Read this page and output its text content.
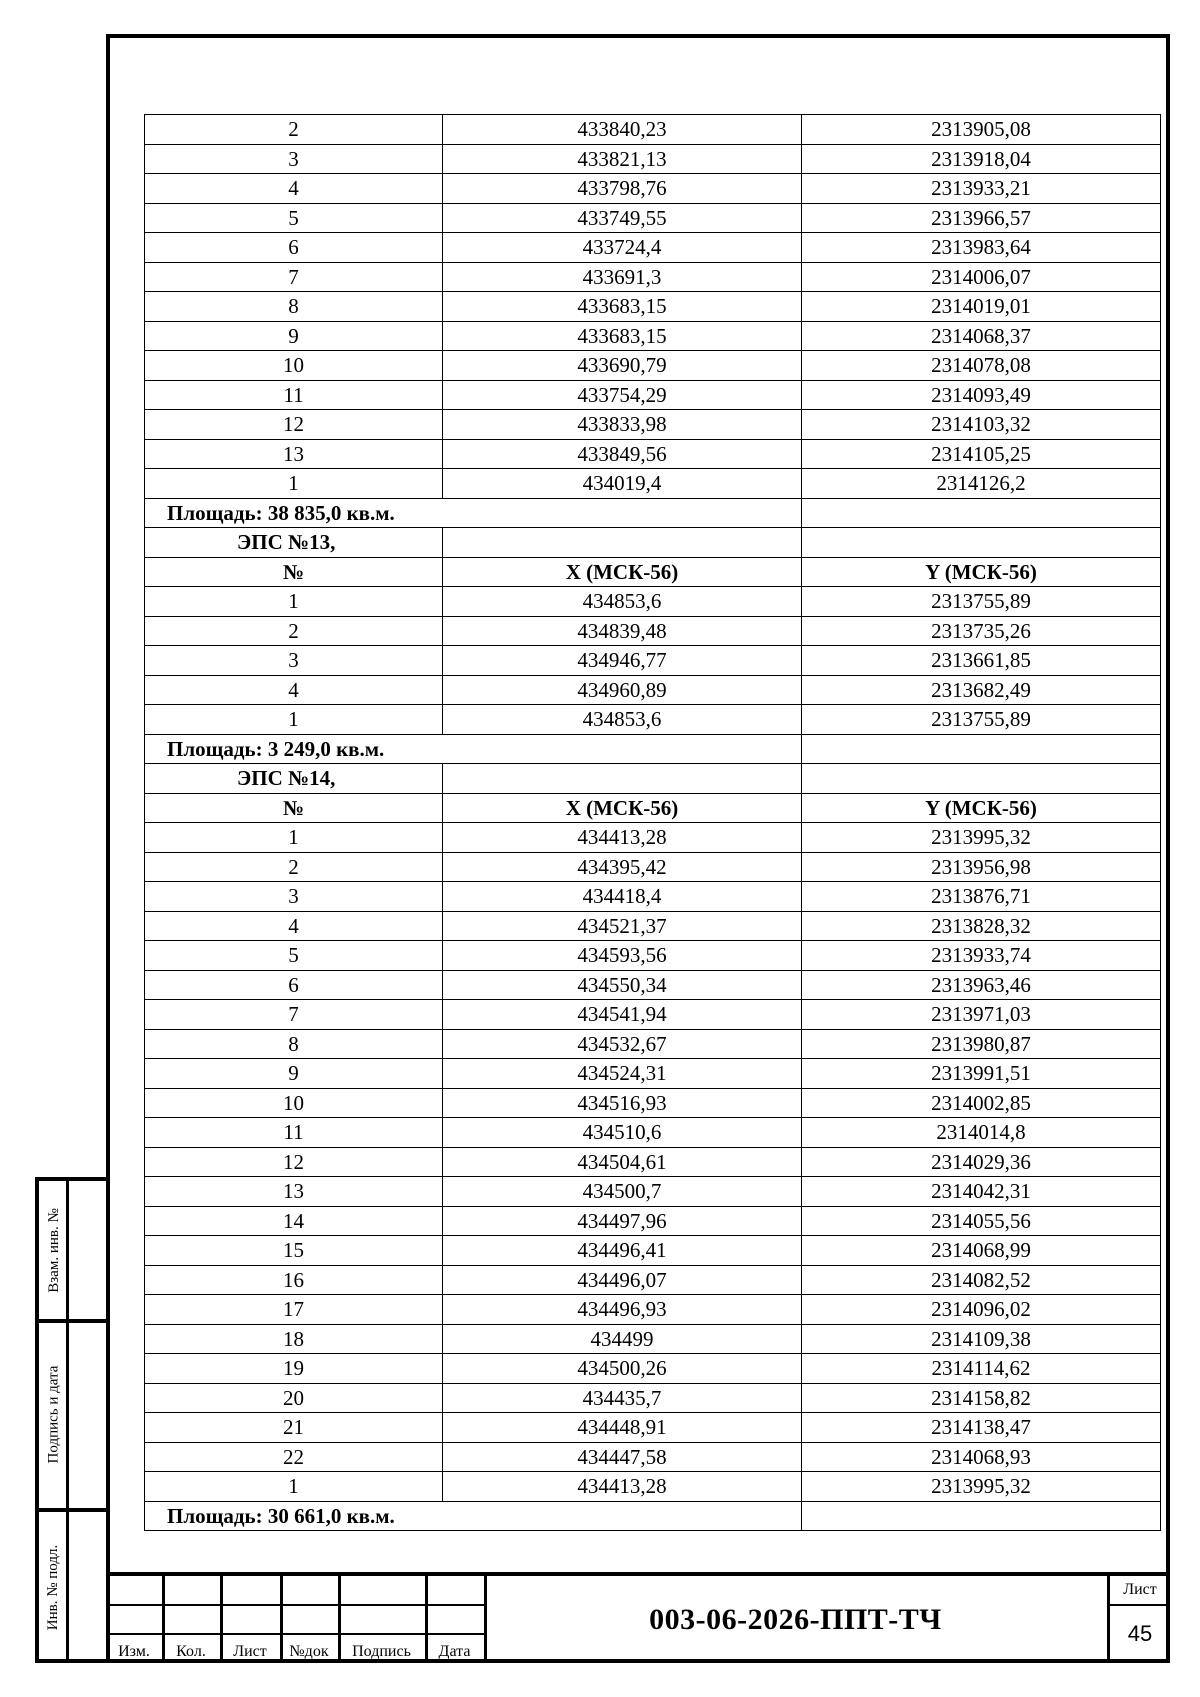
Взам. инв. №
Подпись и дата
Инв. № подл.
2	433840,23	2313905,08
3	433821,13	2313918,04
4	433798,76	2313933,21
5	433749,55	2313966,57
6	433724,4	2313983,64
7	433691,3	2314006,07
8	433683,15	2314019,01
9	433683,15	2314068,37
10	433690,79	2314078,08
11	433754,29	2314093,49
12	433833,98	2314103,32
13	433849,56	2314105,25
1	434019,4	2314126,2
Площадь: 38 835,0 кв.м.		
ЭПС №13,		
№	X (МСК-56)	Y (МСК-56)
1	434853,6	2313755,89
2	434839,48	2313735,26
3	434946,77	2313661,85
4	434960,89	2313682,49
1	434853,6	2313755,89
Площадь: 3 249,0 кв.м.		
ЭПС №14,		
№	X (МСК-56)	Y (МСК-56)
1	434413,28	2313995,32
2	434395,42	2313956,98
3	434418,4	2313876,71
4	434521,37	2313828,32
5	434593,56	2313933,74
6	434550,34	2313963,46
7	434541,94	2313971,03
8	434532,67	2313980,87
9	434524,31	2313991,51
10	434516,93	2314002,85
11	434510,6	2314014,8
12	434504,61	2314029,36
13	434500,7	2314042,31
14	434497,96	2314055,56
15	434496,41	2314068,99
16	434496,07	2314082,52
17	434496,93	2314096,02
18	434499	2314109,38
19	434500,26	2314114,62
20	434435,7	2314158,82
21	434448,91	2314138,47
22	434447,58	2314068,93
1	434413,28	2313995,32
Площадь: 30 661,0 кв.м.		
Изм.	Кол.	Лист	№док	Подпись	Дата
003-06-2026-ППТ-ТЧ
Лист
45
